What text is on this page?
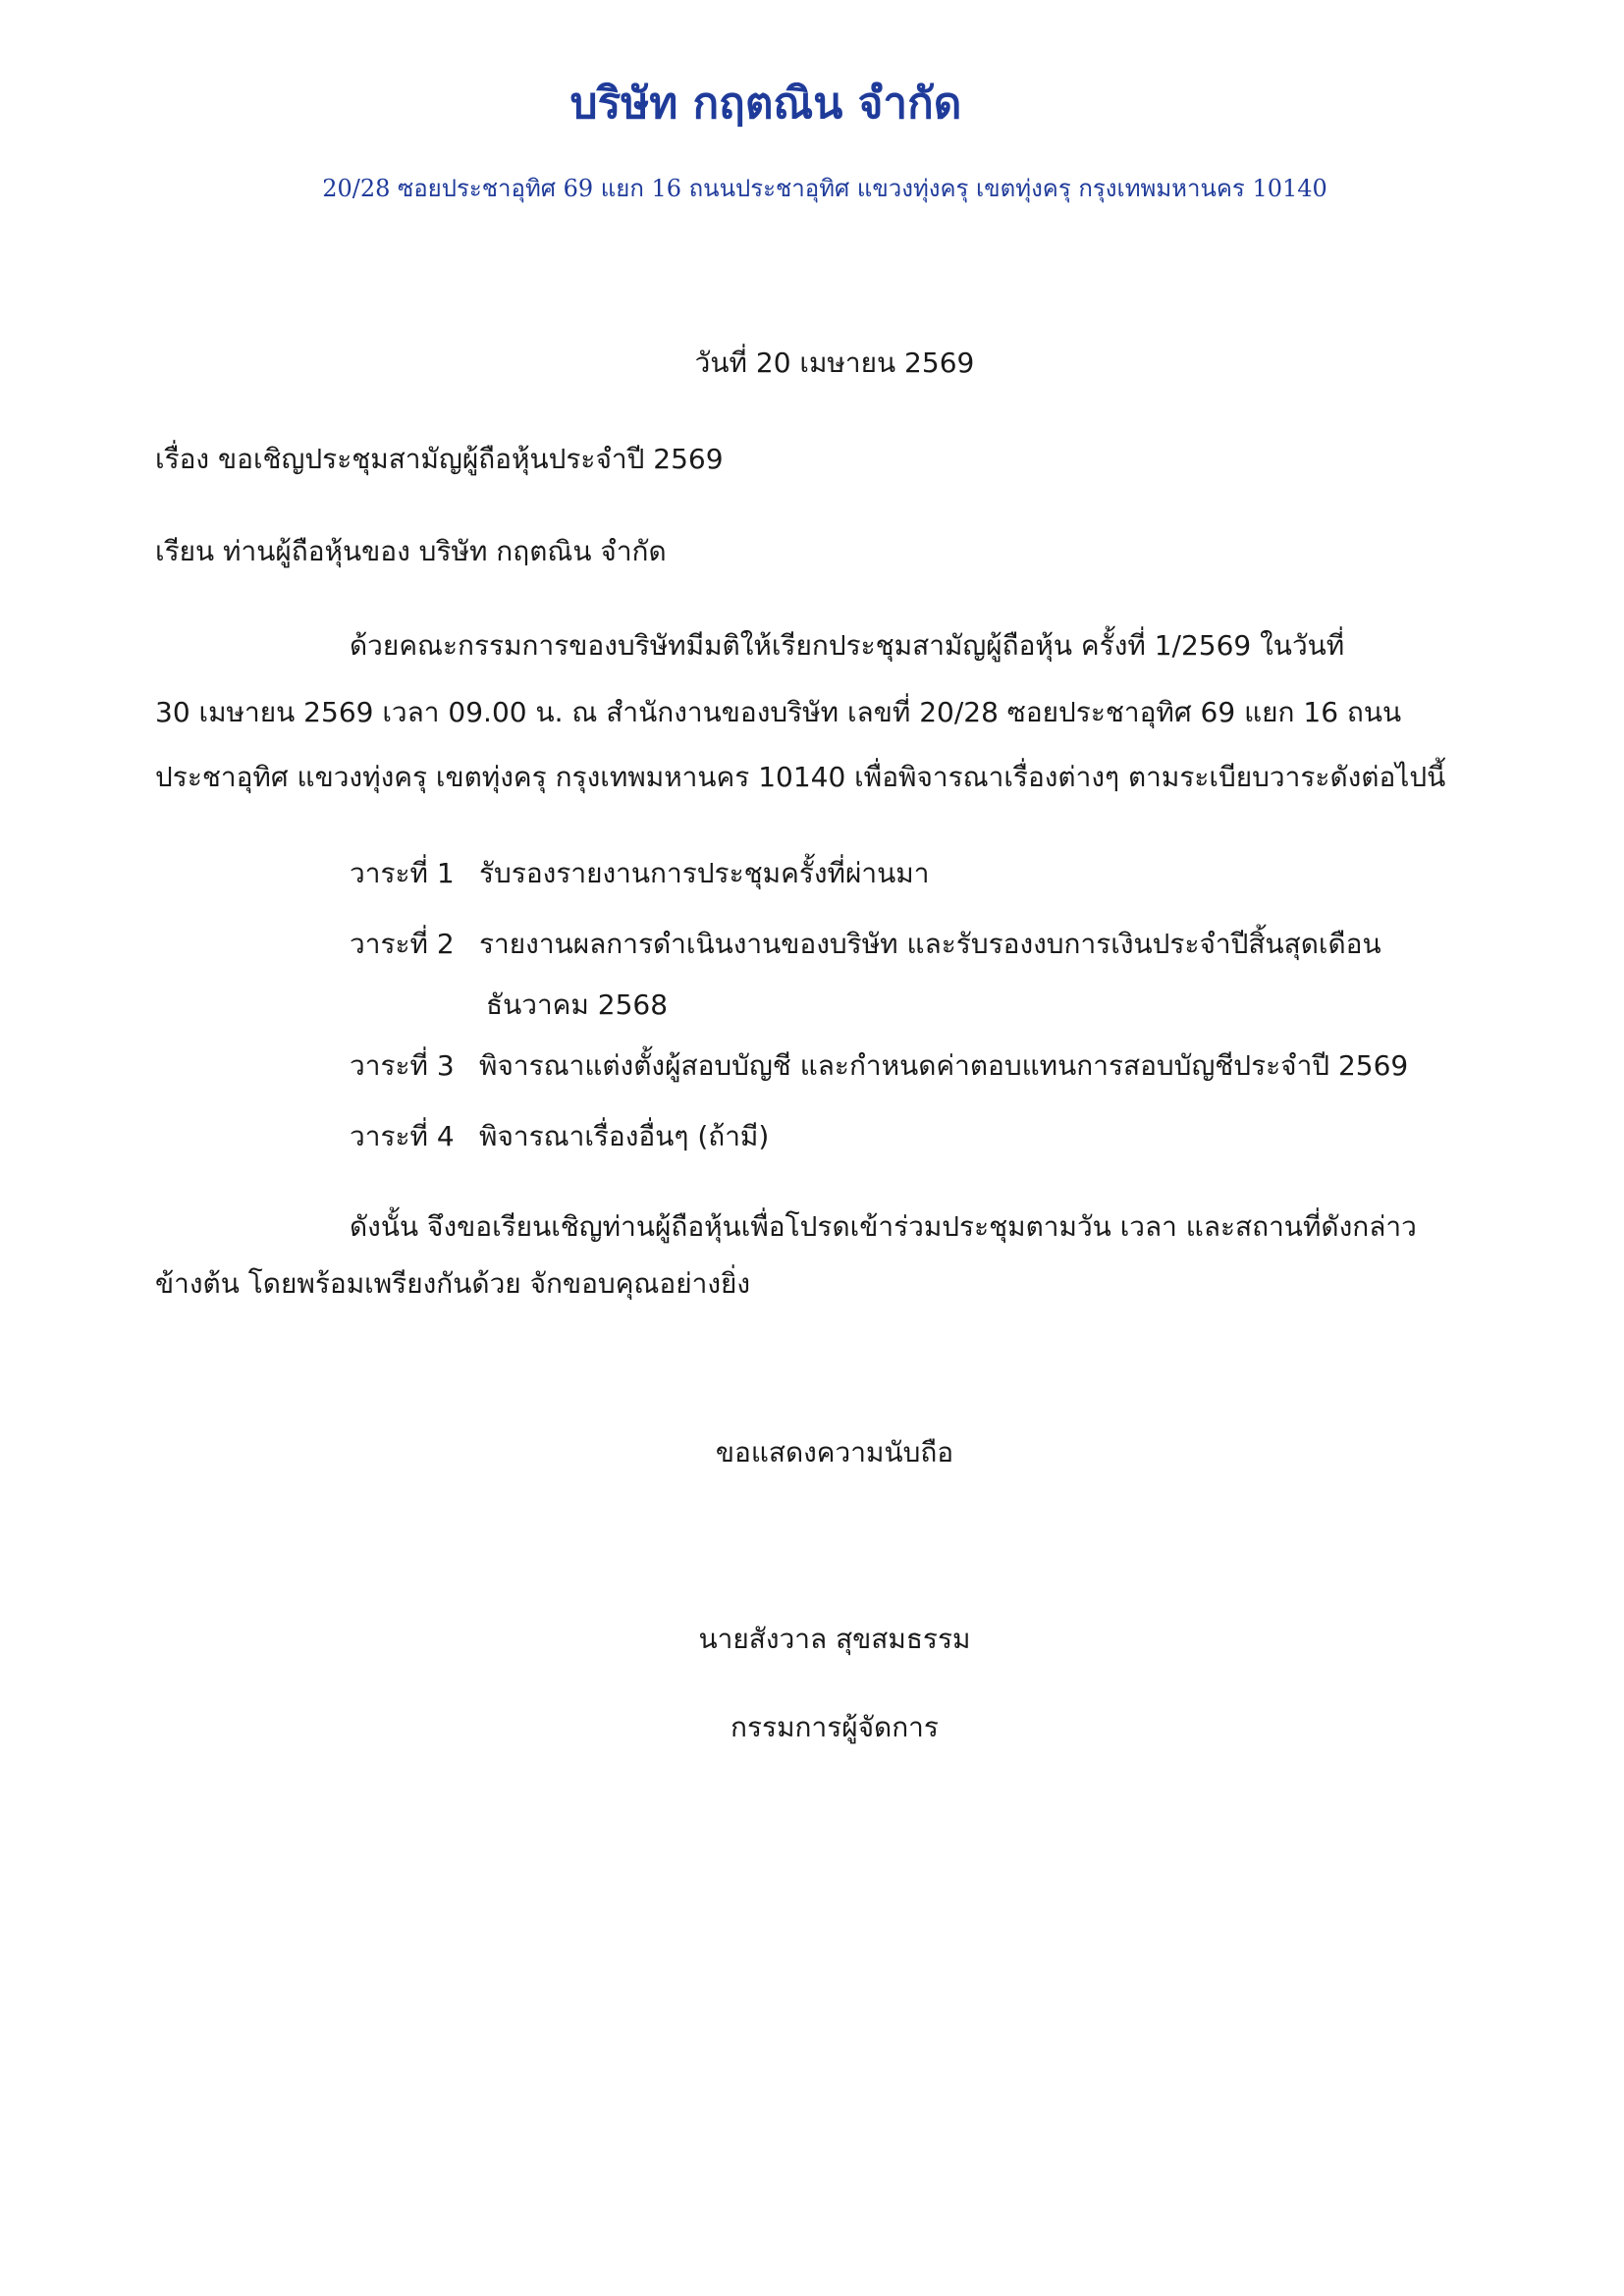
บริษัท กฤตณิน จำกัด
20/28 ซอยประชาอุทิศ 69 แยก 16 ถนนประชาอุทิศ แขวงทุ่งครุ เขตทุ่งครุ กรุงเทพมหานคร 10140
วันที่ 20 เมษายน 2569
เรื่อง ขอเชิญประชุมสามัญผู้ถือหุ้นประจำปี 2569
เรียน ท่านผู้ถือหุ้นของ บริษัท กฤตณิน จำกัด
ด้วยคณะกรรมการของบริษัทมีมติให้เรียกประชุมสามัญผู้ถือหุ้น ครั้งที่ 1/2569 ในวันที่
30 เมษายน 2569 เวลา 09.00 น. ณ สำนักงานของบริษัท เลขที่ 20/28 ซอยประชาอุทิศ 69 แยก 16 ถนน
ประชาอุทิศ แขวงทุ่งครุ เขตทุ่งครุ กรุงเทพมหานคร 10140 เพื่อพิจารณาเรื่องต่างๆ ตามระเบียบวาระดังต่อไปนี้
วาระที่ 1 รับรองรายงานการประชุมครั้งที่ผ่านมา
วาระที่ 2 รายงานผลการดำเนินงานของบริษัท และรับรองงบการเงินประจำปีสิ้นสุดเดือน
ธันวาคม 2568
วาระที่ 3 พิจารณาแต่งตั้งผู้สอบบัญชี และกำหนดค่าตอบแทนการสอบบัญชีประจำปี 2569
วาระที่ 4 พิจารณาเรื่องอื่นๆ (ถ้ามี)
ดังนั้น จึงขอเรียนเชิญท่านผู้ถือหุ้นเพื่อโปรดเข้าร่วมประชุมตามวัน เวลา และสถานที่ดังกล่าว
ข้างต้น โดยพร้อมเพรียงกันด้วย จักขอบคุณอย่างยิ่ง
ขอแสดงความนับถือ
นายสังวาล สุขสมธรรม
กรรมการผู้จัดการ
